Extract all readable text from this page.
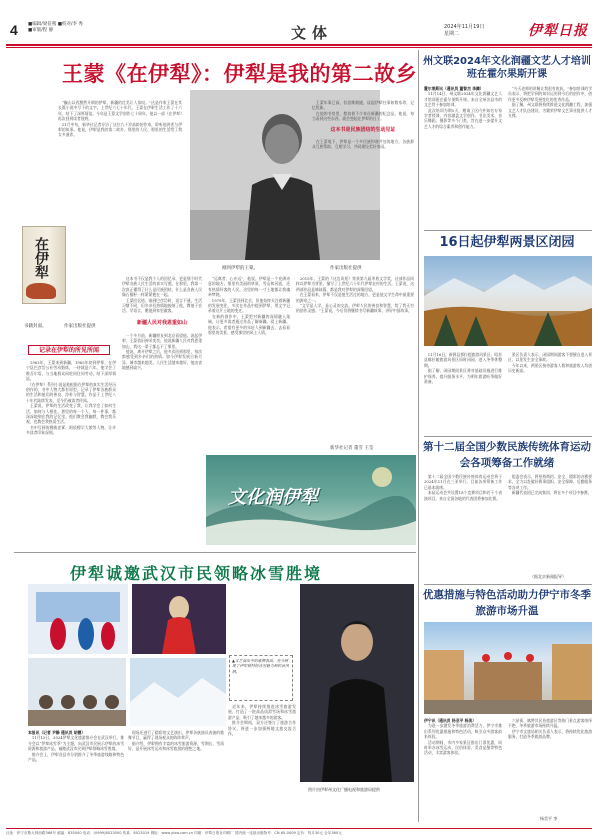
4 ■编辑/梁倍燕 ■校对/李 秀
■审版/程 静	文体	2024年11月19日
星期二	伊犁日报
王蒙《在伊犁》：伊犁是我的第二故乡
　“巍山以西豁然开朗的伊犁，新疆的壮美让人惊叹。”这是作家王蒙在其长篇小说中写下的文字。上世纪六七十年代，王蒙在伊犁生活工作了十六年，结下了深厚情谊。今年是王蒙文学创作七十周年，他以一部《在伊犁》再次回到读者视野。
　11月中旬，新华社记者专访了这位九十岁高龄的作家，聆听他讲述与伊犁的故事。他说，伊犁是我的第二故乡，那里的人民、那里的生活给了我太多滋养。
刚到伊犁的王蒙。	作家出版社提供
在伊犁
书籍封面。	作家出版社提供
记录在伊犁的所见所闻
　1963年，王蒙来到新疆，1965年初到伊犁，在伊宁县巴彦岱公社劳动锻炼，一待就是六年。他学会了维吾尔语，与当地群众同吃同住同劳动，结下深厚情谊。
　《在伊犁》系列小说是他根据在伊犁的真实生活经历创作的，书中人物大都有原型，记录了伊犁各族群众的生活和他们的善良、淳朴与智慧。作品于上世纪八十年代陆续发表，至今仍被读者传阅。
　王蒙说，伊犁的生活改变了我，让我学会了如何生活、如何与人相处。那里的每一个人、每一件事，都深深地刻在我的记忆里。他们教会我幽默，教会我乐观，也教会我热爱生活。
　书中写到的穆敏老爹、阿依穆罕大娘等人物，让许多读者印象深刻。
　这本书不仅是我个人的回忆录，更是那个时代伊犁各族人民生活的真实写照。在那里，我第一次真正懂得了什么是民族团结，什么是各族人民像石榴籽一样紧紧抱在一起。
　王蒙回忆道，刚到巴彦岱时，语言不通，生活习惯不同，但乡亲们热情地接纳了他，教他干农活、学语言，邀他到家里做客。
新疆人民对我恩重如山
　一个多月前，新疆朋友到北京看望他。说起伊犁，王蒙依旧神采奕奕，他说新疆人民对我恩重如山，我这一辈子都忘不了那里。
　他说，离开伊犁之后，他多次回到那里，每次都感受到乡亲们的热情。如今伊犁发展日新月异，城市越来越美，人民生活越来越好，他由衷地感到高兴。
　“远离者，心亦远”，他说。伊犁是一个充满诗意的地方，那里有美丽的草原、雪山和河流，还有热情好客的人民。这里的每一寸土地都让我魂牵梦绕。
　1979年，王蒙回到北京，但他始终关注着新疆的发展变化，多次在作品中提到伊犁，用文字记录着这片土地的变迁。
　在新的创作中，王蒙把对新疆的深情融入笔端，让更多读者通过作品了解新疆、爱上新疆。他表示，希望有更多的年轻人到新疆去，去看看那里的美景，感受那里的风土人情。
　2015年，王蒙的《这边风景》荣获第九届茅盾文学奖，这部作品同样以伊犁为背景，描写了上世纪六十年代伊犁农村的生活。王蒙说，这两部作品是姊妹篇，都是我对伊犁的深情回望。
　在王蒙看来，伊犁不仅是他生活过的地方，更是他文学生命中最重要的源泉之一。
　“文学是人学，是心灵的交流。伊犁人民的善良和智慧，给了我无穷的创作灵感。”王蒙说，今后仍将继续书写新疆故事，讲好中国故事。
　王蒙年事已高，但思维敏捷，谈起伊犁往事如数家珍，记忆犹新。
　在他的书房里，摆放着不少来自新疆的纪念品。他说，每当看到这些东西，就会想起在伊犁的日子。
这本书是民族团结的生动见证
　在王蒙笔下，伊犁是一个多民族和谐共处的地方，各族群众互相帮助、互相学习，共同建设美好家园。
文化润伊犁
新华社记者 董雪 王莹
州文联2024年文化润疆文艺人才培训班在霍尔果斯开课
霍尔果斯讯（通讯员 董智杰 李腾）
　11月14日，州文联2024年文化润疆文艺人才培训班在霍尔果斯开课。来自全州各县市的文艺骨干参加培训。
　此次培训为期5天，邀请了区内外知名专家学者授课，内容涵盖文学创作、书法美术、音乐舞蹈、摄影等多个门类，旨在进一步提升文艺人才的综合素养和创作能力。
　“今天老师的讲解让我很有收获。”参加培训的学员表示，将把学到的知识运用到今后的创作中，创作更多反映伊犁发展变化的优秀作品。
　据了解，州文联将持续推进文化润疆工程，加强文艺人才队伍建设，为繁荣伊犁文艺事业提供人才支撑。
16日起伊犁两景区闭园
　11月16日，新源县那拉提旅游风景区、昭苏县喀拉峻旅游风景区同时闭园，进入冬季休整期。
　据了解，闭园期间景区将对基础设施进行维护保养，提升服务水平，为明年旅游旺季做好准备。
　景区负责人表示，闭园期间游客不要擅自进入景区，以免发生安全事故。
　今年以来，两景区接待游客人数和旅游收入均创历史新高。
第十二届全国少数民族传统体育运动会各项筹备工作就绪
　第十二届全国少数民族传统体育运动会将于2024年11月在三亚举行，目前各项筹备工作已基本就绪。
　本届运动会共设置18个竞赛项目和若干个表演项目，来自全国各地的代表团将参加比赛。
　组委会表示，将坚持简约、安全、精彩的办赛要求，全力以赴做好赛事组织、安全保障、后勤服务等各项工作。
　新疆代表团已完成集训，将在多个项目中参赛。
（据北京新闻报导）
优惠措施与特色活动助力伊宁市冬季旅游市场升温
伊宁讯（通讯员 杨亚平 杨美）
　为进一步激发冬季旅游消费活力，伊宁市推出系列优惠措施和特色活动，吸引众多游客前来体验。
　活动期间，市内多家景区推出门票优惠，同时举办冰雪运动、民俗体验、美食品鉴等特色活动，丰富游客体验。
　六星街、喀赞其民俗旅游区等热门景点游客络绎不绝，冬季旅游市场持续升温。
　伊宁市文旅局相关负责人表示，将持续优化旅游服务，打造冬季旅游品牌。
杨美平 李
伊犁诚邀武汉市民领略冰雪胜境
▲文艺演出中的歌舞表演，充分展现了伊犁独特的冰雪魅力和民族风情。
本报讯（记者 尹静 通讯员 胡德）
　11月15日，2024伊犁文化旅游推介会在武汉举行。推介会以“伊犁冰雪季”为主题，向武汉市民展示伊犁的冰雪资源和旅游产品，诚邀武汉市民到伊犁领略冰雪胜境。
　推介会上，伊犁各县市分别推介了冬季旅游线路和特色产品。
　现场还进行了精彩的文艺演出，伊犁各族演员表演的歌舞节目，赢得了现场观众的阵阵掌声。
　据介绍，伊犁拥有丰富的冰雪旅游资源，雪期长、雪质好，是开展冰雪运动和冰雪旅游的理想之地。
　近年来，伊犁持续推进冰雪旅游发展，打造了一批高品质滑雪场和冰雪旅游产品，吸引了越来越多的游客。
　推介会期间，双方还签订了旅游合作协议，将进一步加强两地文旅交流合作。
图片由伊犁州文化广播电视和旅游局提供
社址：伊宁市斯大林西路368号 邮编：835000 电话：(0999)8023000 传真：8023019 网址：www.ylxw.com.cn 印刷：伊犁日报社印刷厂 国内统一连续出版物号：CN 65-0009 定价：每月30元 全年360元
